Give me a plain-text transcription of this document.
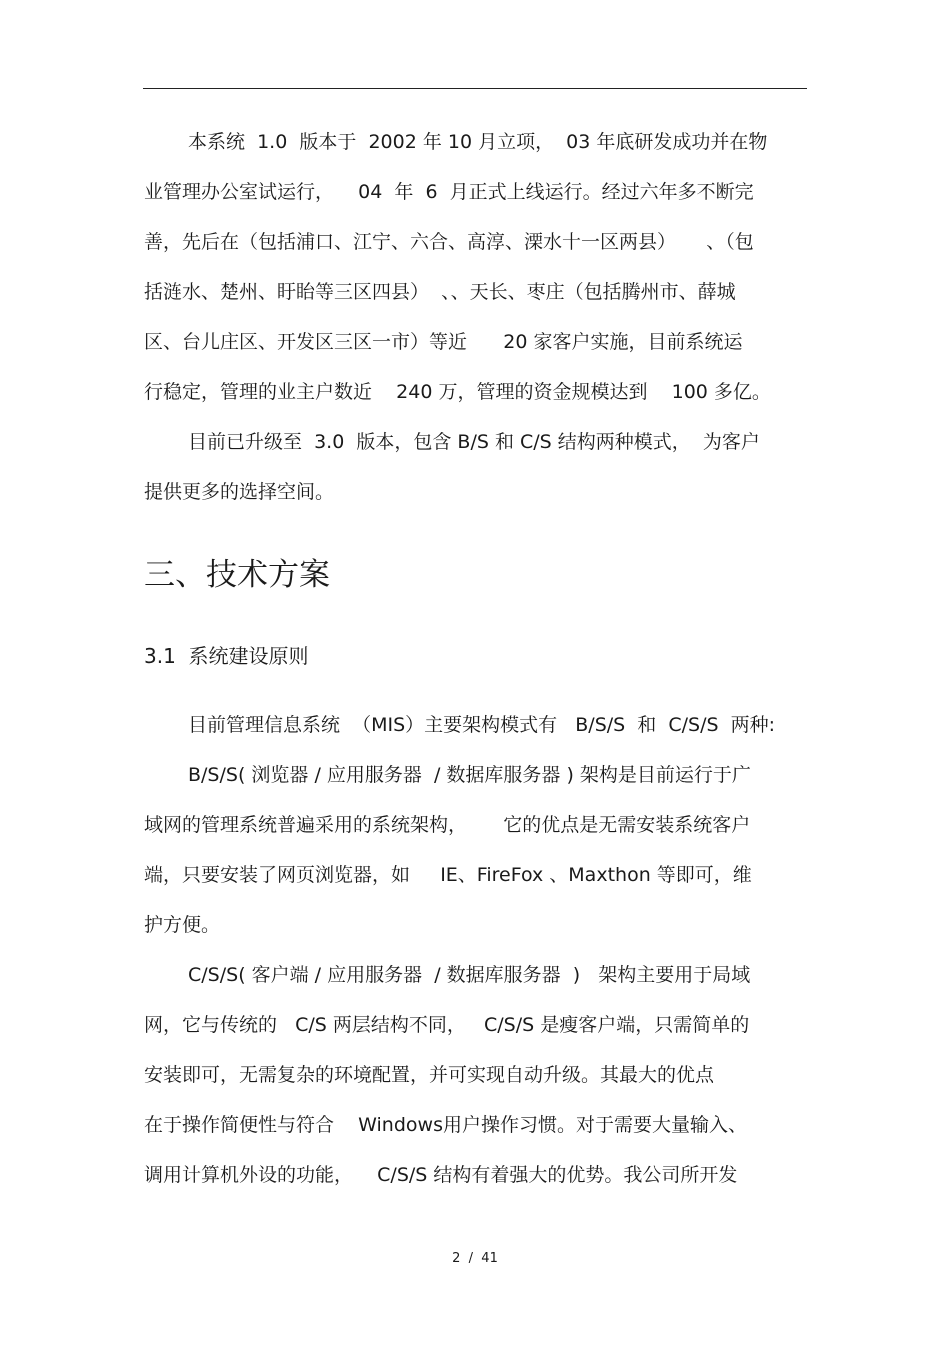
本系统  1.0  版本于  2002 年 10 月立项，  03 年底研发成功并在物
业管理办公室试运行，    04  年  6  月正式上线运行。经过六年多不断完
善，先后在（包括浦口、江宁、六合、高淳、溧水十一区两县）     、（包
括涟水、楚州、盱眙等三区四县）  、、天长、枣庄（包括腾州市、薛城
区、台儿庄区、开发区三区一市）等近      20 家客户实施，目前系统运
行稳定，管理的业主户数近    240 万，管理的资金规模达到    100 多亿。
目前已升级至  3.0  版本，包含 B/S 和 C/S 结构两种模式，  为客户
提供更多的选择空间。
三、技术方案
3.1  系统建设原则
目前管理信息系统  （MIS）主要架构模式有   B/S/S  和  C/S/S  两种:
B/S/S( 浏览器 / 应用服务器  / 数据库服务器 ) 架构是目前运行于广
域网的管理系统普遍采用的系统架构，      它的优点是无需安装系统客户
端，只要安装了网页浏览器，如     IE、FireFox 、Maxthon 等即可，维
护方便。
C/S/S( 客户端 / 应用服务器  / 数据库服务器  )   架构主要用于局域
网，它与传统的   C/S 两层结构不同，   C/S/S 是瘦客户端，只需简单的
安装即可，无需复杂的环境配置，并可实现自动升级。其最大的优点
在于操作简便性与符合    Windows用户操作习惯。对于需要大量输入、
调用计算机外设的功能，    C/S/S 结构有着强大的优势。我公司所开发
2  /  41
